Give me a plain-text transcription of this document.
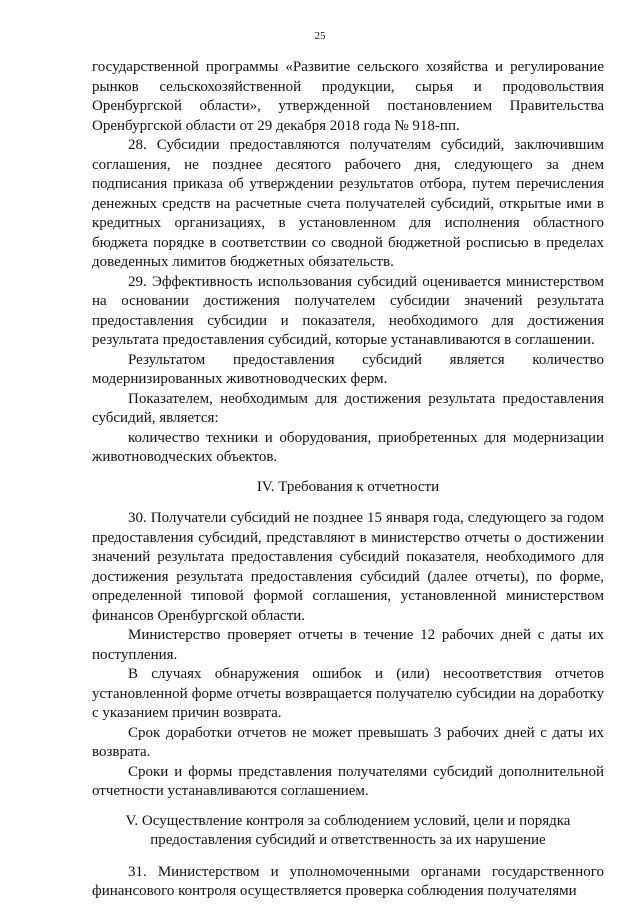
25

государственной программы «Развитие сельского хозяйства и регулирование рынков сельскохозяйственной продукции, сырья и продовольствия Оренбургской области», утвержденной постановлением Правительства Оренбургской области от 29 декабря 2018 года № 918-пп.

28. Субсидии предоставляются получателям субсидий, заключившим соглашения, не позднее десятого рабочего дня, следующего за днем подписания приказа об утверждении результатов отбора, путем перечисления денежных средств на расчетные счета получателей субсидий, открытые ими в кредитных организациях, в установленном для исполнения областного бюджета порядке в соответствии со сводной бюджетной росписью в пределах доведенных лимитов бюджетных обязательств.

29. Эффективность использования субсидий оценивается министерством на основании достижения получателем субсидии значений результата предоставления субсидии и показателя, необходимого для достижения результата предоставления субсидий, которые устанавливаются в соглашении.

Результатом предоставления субсидий является количество модернизированных животноводческих ферм.

Показателем, необходимым для достижения результата предоставления субсидий, является:

количество техники и оборудования, приобретенных для модернизации животноводческих объектов.

IV. Требования к отчетности

30. Получатели субсидий не позднее 15 января года, следующего за годом предоставления субсидий, представляют в министерство отчеты о достижении значений результата предоставления субсидий показателя, необходимого для достижения результата предоставления субсидий (далее отчеты), по форме, определенной типовой формой соглашения, установленной министерством финансов Оренбургской области.

Министерство проверяет отчеты в течение 12 рабочих дней с даты их поступления.

В случаях обнаружения ошибок и (или) несоответствия отчетов установленной форме отчеты возвращается получателю субсидии на доработку с указанием причин возврата.

Срок доработки отчетов не может превышать 3 рабочих дней с даты их возврата.

Сроки и формы представления получателями субсидий дополнительной отчетности устанавливаются соглашением.

V. Осуществление контроля за соблюдением условий, цели и порядка предоставления субсидий и ответственность за их нарушение

31. Министерством и уполномоченными органами государственного финансового контроля осуществляется проверка соблюдения получателями
